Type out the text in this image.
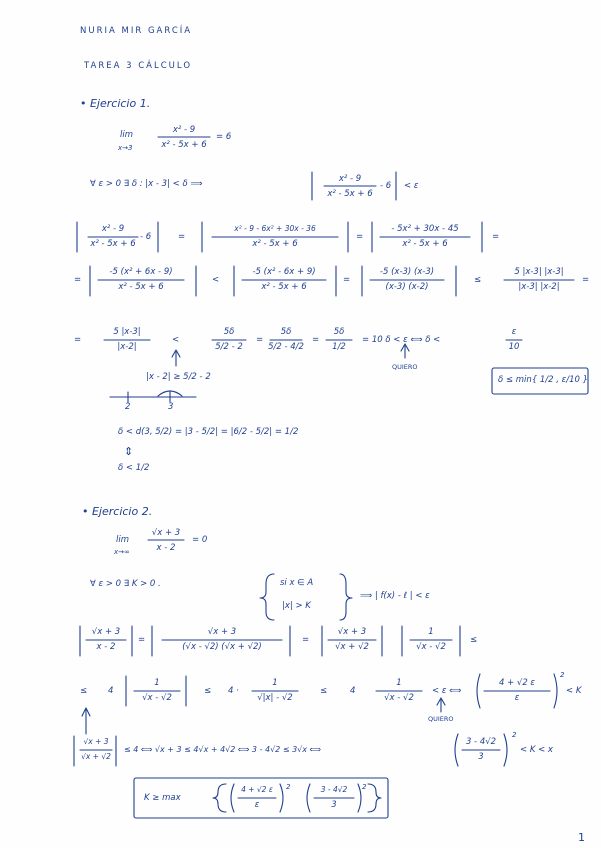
NURIA MIR GARCÍA
TAREA 3 CÁLCULO
• Ejercicio 1.
lim
x→3
x² - 9
x² - 5x + 6
= 6
∀ ε > 0 ∃ δ : |x - 3| < δ ⟹	x² - 9
x² - 5x + 6
- 6 < ε
x² - 9
x² - 5x + 6
- 6	=
x² - 9 - 6x² + 30x - 36
x² - 5x + 6
=
- 5x² + 30x - 45
x² - 5x + 6
=
=
-5 (x² + 6x - 9)
x² - 5x + 6
<
-5 (x² - 6x + 9)
x² - 5x + 6
=
-5 (x-3) (x-3)
(x-3) (x-2)
≤
5 |x-3| |x-3|
|x-3| |x-2|
=
=
5 |x-3|
|x-2|
<
5δ
5/2 - 2
=
5δ
5/2 - 4/2
=
5δ
1/2
= 10 δ < ε ⟺ δ <
ε
10
QUIERO
|x - 2| ≥ 5/2 - 2
2	3
δ ≤ min{ 1/2 , ε/10 }
δ < d(3, 5/2) = |3 - 5/2| = |6/2 - 5/2| = 1/2
⇕
δ < 1/2
• Ejercicio 2.
lim
x→∞
√x + 3
x - 2
= 0
∀ ε > 0 ∃ K > 0 .	si x ∈ A
|x| > K
⟹ | f(x) - ℓ | < ε
√x + 3
x - 2
=
√x + 3
(√x - √2) (√x + √2)
=
√x + 3
√x + √2
1
√x - √2
≤
≤ 4
1
√x - √2
≤ 4 ·
1
√|x| - √2
≤	4
1
√x - √2
< ε ⟺
4 + √2 ε
ε
2
< K
QUIERO
√x + 3
√x + √2
≤ 4 ⟺ √x + 3 ≤ 4√x + 4√2 ⟺ 3 - 4√2 ≤ 3√x ⟺
3 - 4√2
3
2
< K < x
K ≥ max
4 + √2 ε
ε
2	3 - 4√2
3
2
1
